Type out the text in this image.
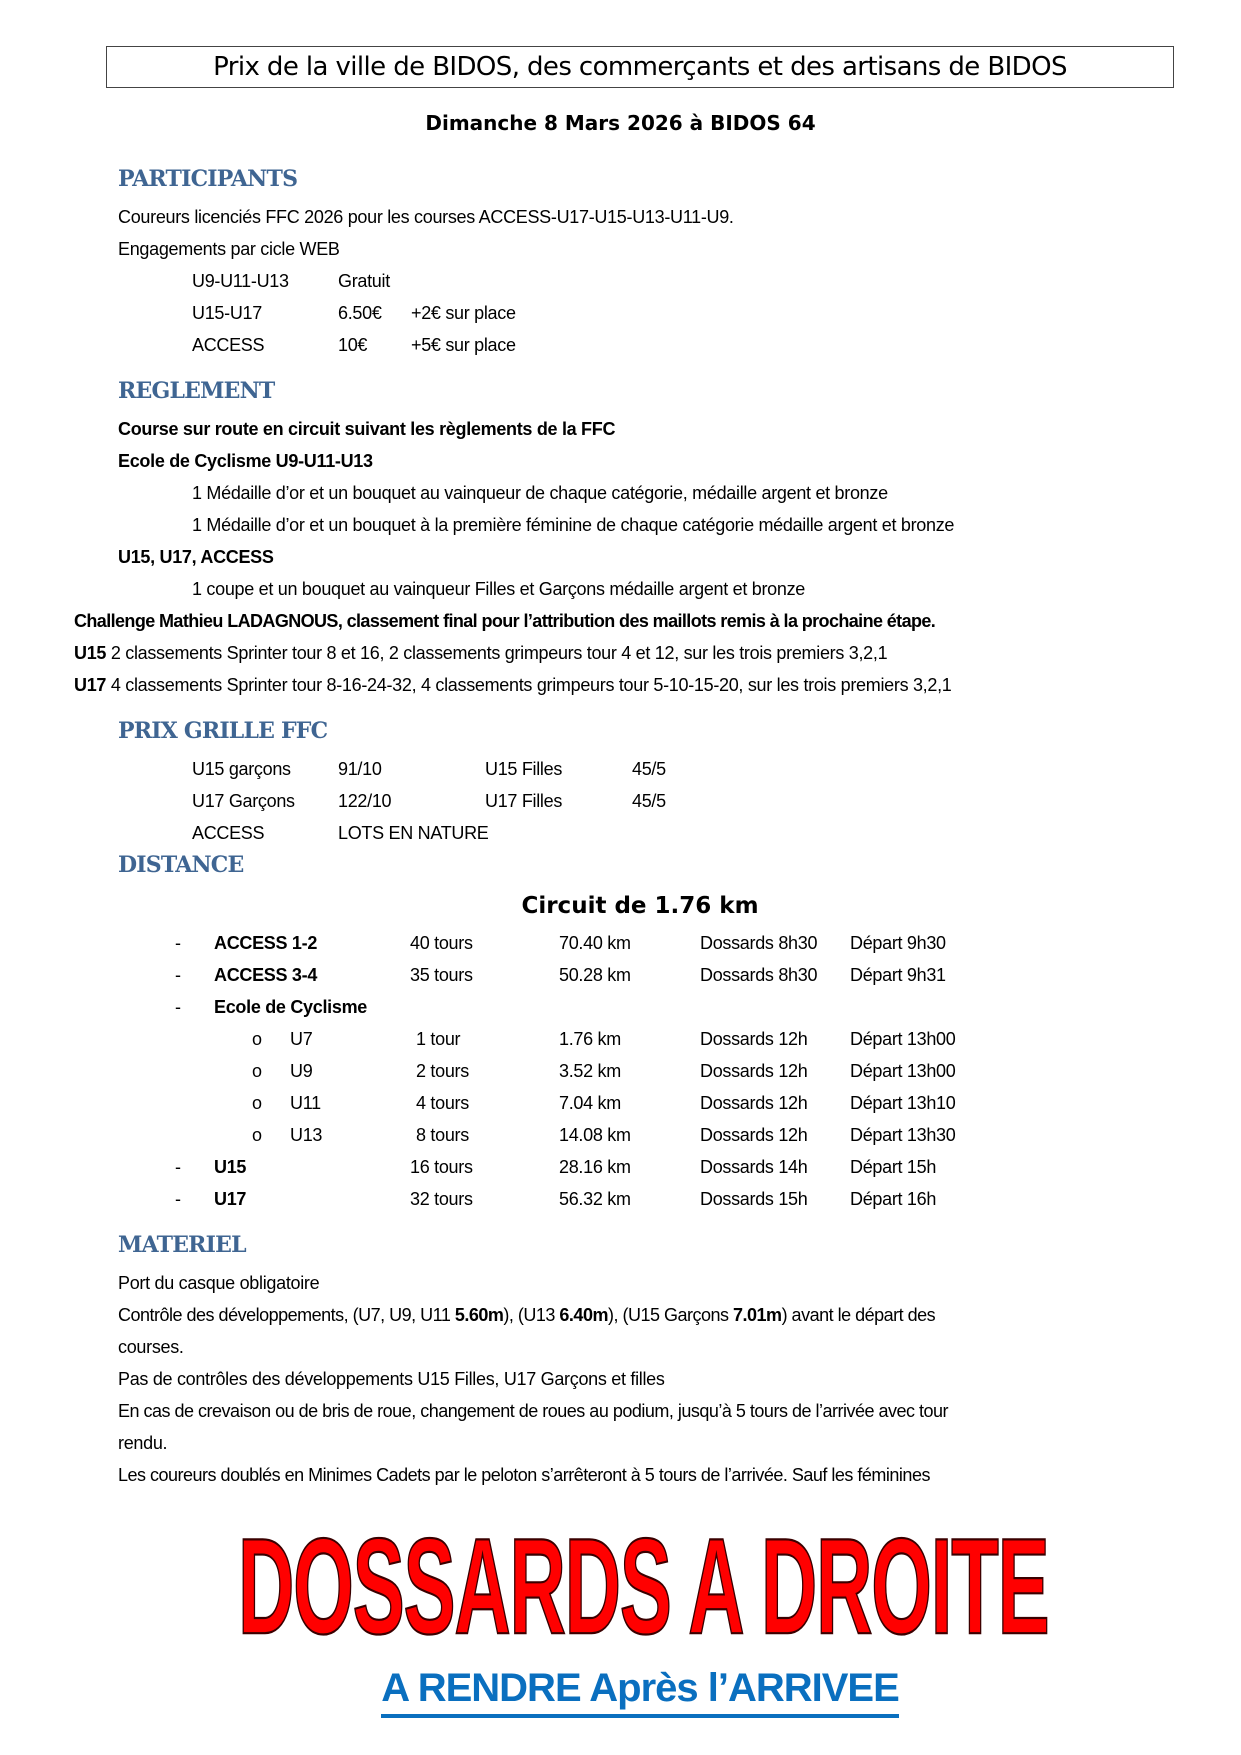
Prix de la ville de BIDOS, des commerçants et des artisans de BIDOS
Dimanche 8 Mars 2026 à BIDOS 64
PARTICIPANTS
Coureurs licenciés FFC 2026 pour les courses ACCESS-U17-U15-U13-U11-U9.
Engagements par cicle WEB
U9-U11-U13	Gratuit
U15-U17	6.50€	+2€ sur place
ACCESS	10€	+5€ sur place
REGLEMENT
Course sur route en circuit suivant les règlements de la FFC
Ecole de Cyclisme U9-U11-U13
1 Médaille d’or et un bouquet au vainqueur de chaque catégorie, médaille argent et bronze
1 Médaille d’or et un bouquet à la première féminine de chaque catégorie médaille argent et bronze
U15, U17, ACCESS
1 coupe et un bouquet au vainqueur Filles et Garçons médaille argent et bronze
Challenge Mathieu LADAGNOUS, classement final pour l’attribution des maillots remis à la prochaine étape.
U15 2 classements Sprinter tour 8 et 16, 2 classements grimpeurs tour 4 et 12, sur les trois premiers 3,2,1
U17 4 classements Sprinter tour 8-16-24-32, 4 classements grimpeurs tour 5-10-15-20, sur les trois premiers 3,2,1
PRIX GRILLE FFC
U15 garçons	91/10	U15 Filles	45/5
U17 Garçons	122/10	U17 Filles	45/5
ACCESS	LOTS EN NATURE
DISTANCE
Circuit de 1.76 km
-	ACCESS 1-2	40 tours	70.40 km	Dossards 8h30	Départ 9h30
-	ACCESS 3-4	35 tours	50.28 km	Dossards 8h30	Départ 9h31
-	Ecole de Cyclisme
o	U7	1 tour	1.76 km	Dossards 12h	Départ 13h00
o	U9	2 tours	3.52 km	Dossards 12h	Départ 13h00
o	U11	4 tours	7.04 km	Dossards 12h	Départ 13h10
o	U13	8 tours	14.08 km	Dossards 12h	Départ 13h30
-	U15	16 tours	28.16 km	Dossards 14h	Départ 15h
-	U17	32 tours	56.32 km	Dossards 15h	Départ 16h
MATERIEL
Port du casque obligatoire
Contrôle des développements, (U7, U9, U11 5.60m), (U13 6.40m), (U15 Garçons 7.01m) avant le départ des
courses.
Pas de contrôles des développements U15 Filles, U17 Garçons et filles
En cas de crevaison ou de bris de roue, changement de roues au podium, jusqu’à 5 tours de l’arrivée avec tour
rendu.
Les coureurs doublés en Minimes Cadets par le peloton s’arrêteront à 5 tours de l’arrivée. Sauf les féminines
DOSSARDS A DROITE
A RENDRE Après l’ARRIVEE
